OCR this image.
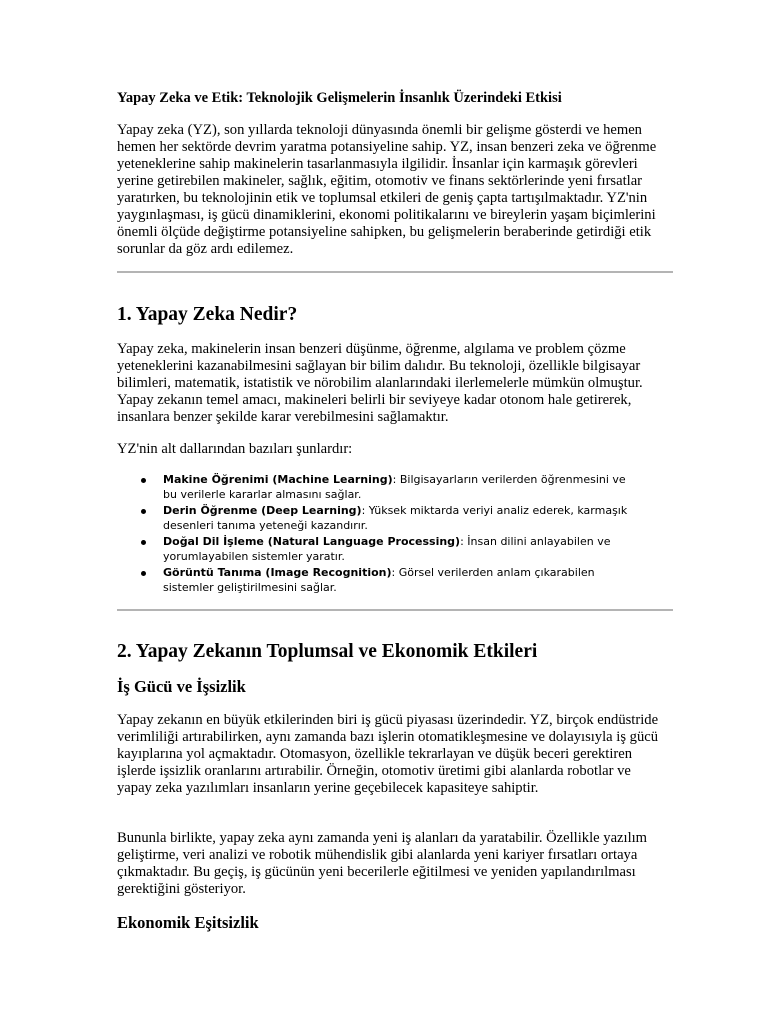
Yapay Zeka ve Etik: Teknolojik Gelişmelerin İnsanlık Üzerindeki Etkisi

Yapay zeka (YZ), son yıllarda teknoloji dünyasında önemli bir gelişme gösterdi ve hemen hemen her sektörde devrim yaratma potansiyeline sahip. YZ, insan benzeri zeka ve öğrenme yeteneklerine sahip makinelerin tasarlanmasıyla ilgilidir. İnsanlar için karmaşık görevleri yerine getirebilen makineler, sağlık, eğitim, otomotiv ve finans sektörlerinde yeni fırsatlar yaratırken, bu teknolojinin etik ve toplumsal etkileri de geniş çapta tartışılmaktadır. YZ'nin yaygınlaşması, iş gücü dinamiklerini, ekonomi politikalarını ve bireylerin yaşam biçimlerini önemli ölçüde değiştirme potansiyeline sahipken, bu gelişmelerin beraberinde getirdiği etik sorunlar da göz ardı edilemez.

1. Yapay Zeka Nedir?

Yapay zeka, makinelerin insan benzeri düşünme, öğrenme, algılama ve problem çözme yeteneklerini kazanabilmesini sağlayan bir bilim dalıdır. Bu teknoloji, özellikle bilgisayar bilimleri, matematik, istatistik ve nörobilim alanlarındaki ilerlemelerle mümkün olmuştur. Yapay zekanın temel amacı, makineleri belirli bir seviyeye kadar otonom hale getirerek, insanlara benzer şekilde karar verebilmesini sağlamaktır.

YZ'nin alt dallarından bazıları şunlardır:

Makine Öğrenimi (Machine Learning): Bilgisayarların verilerden öğrenmesini ve bu verilerle kararlar almasını sağlar.
Derin Öğrenme (Deep Learning): Yüksek miktarda veriyi analiz ederek, karmaşık desenleri tanıma yeteneği kazandırır.
Doğal Dil İşleme (Natural Language Processing): İnsan dilini anlayabilen ve yorumlayabilen sistemler yaratır.
Görüntü Tanıma (Image Recognition): Görsel verilerden anlam çıkarabilen sistemler geliştirilmesini sağlar.
2. Yapay Zekanın Toplumsal ve Ekonomik Etkileri
İş Gücü ve İşsizlik

Yapay zekanın en büyük etkilerinden biri iş gücü piyasası üzerindedir. YZ, birçok endüstride verimliliği artırabilirken, aynı zamanda bazı işlerin otomatikleşmesine ve dolayısıyla iş gücü kayıplarına yol açmaktadır. Otomasyon, özellikle tekrarlayan ve düşük beceri gerektiren işlerde işsizlik oranlarını artırabilir. Örneğin, otomotiv üretimi gibi alanlarda robotlar ve yapay zeka yazılımları insanların yerine geçebilecek kapasiteye sahiptir.

Bununla birlikte, yapay zeka aynı zamanda yeni iş alanları da yaratabilir. Özellikle yazılım geliştirme, veri analizi ve robotik mühendislik gibi alanlarda yeni kariyer fırsatları ortaya çıkmaktadır. Bu geçiş, iş gücünün yeni becerilerle eğitilmesi ve yeniden yapılandırılması gerektiğini gösteriyor.

Ekonomik Eşitsizlik
